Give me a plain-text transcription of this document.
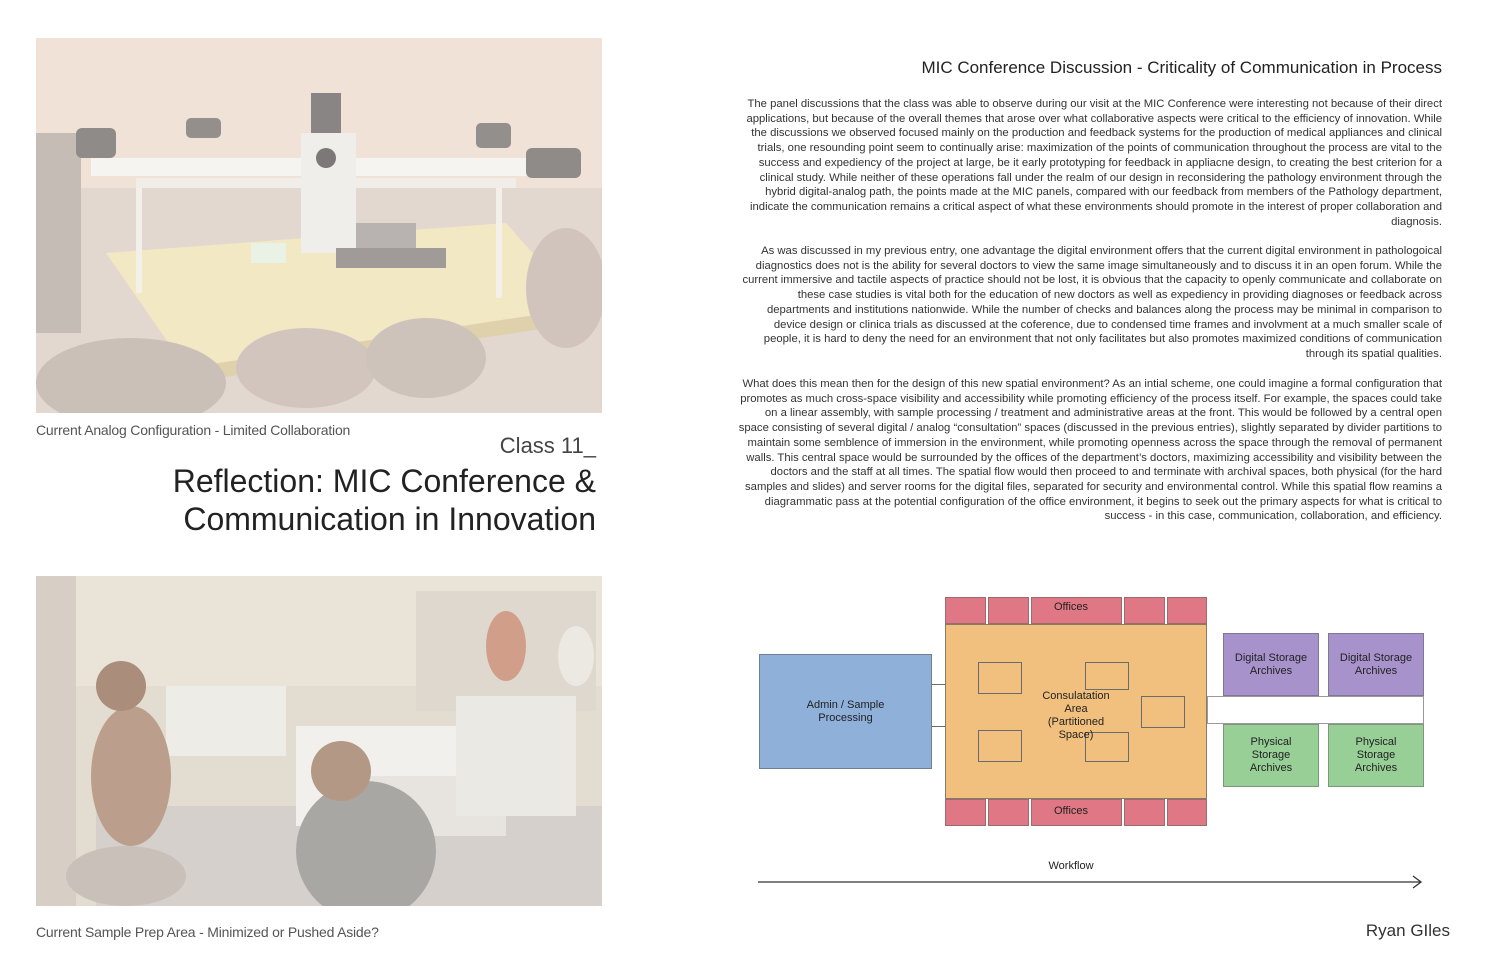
Current Analog Configuration - Limited Collaboration
Class 11_
Reflection: MIC Conference &
Communication in Innovation
Current Sample Prep Area - Minimized or Pushed Aside?
MIC Conference Discussion - Criticality of Communication in Process
The panel discussions that the class was able to observe during our visit at the MIC Conference were interesting not because of their direct applications, but because of the overall themes that arose over what collaborative aspects were critical to the efficiency of innovation. While the discussions we observed focused mainly on the production and feedback systems for the production of medical appliances and clinical trials, one resounding point seem to continually arise: maximization of the points of communication throughout the process are vital to the success and expediency of the project at large, be it early prototyping for feedback in appliacne design, to creating the best criterion for a clinical study. While neither of these operations fall under the realm of our design in reconsidering the pathology environment through the hybrid digital-analog path, the points made at the MIC panels, compared with our feedback from members of the Pathology department, indicate the communication remains a critical aspect of what these environments should promote in the interest of proper collaboration and diagnosis.
As was discussed in my previous entry, one advantage the digital environment offers that the current digital environment in pathologoical diagnostics does not is the ability for several doctors to view the same image simultaneously and to discuss it in an open forum. While the current immersive and tactile aspects of practice should not be lost, it is obvious that the capacity to openly communicate and collaborate on these case studies is vital both for the education of new doctors as well as expediency in providing diagnoses or feedback across departments and institutions nationwide. While the number of checks and balances along the process may be minimal in comparison to device design or clinica trials as discussed at the coference, due to condensed time frames and involvment at a much smaller scale of people, it is hard to deny the need for an environment that not only facilitates but also promotes maximized conditions of communication through its spatial qualities.
What does this mean then for the design of this new spatial environment? As an intial scheme, one could imagine a formal configuration that promotes as much cross-space visibility and accessibility while promoting efficiency of the process itself. For example, the spaces could take on a linear assembly, with sample processing / treatment and administrative areas at the front. This would be followed by a central open space consisting of several digital / analog “consultation” spaces (discussed in the previous entries), slightly separated by divider partitions to maintain some semblence of immersion in the environment, while promoting openness across the space through the removal of permanent walls. This central space would be surrounded by the offices of the department’s doctors, maximizing accessibility and visibility between the doctors and the staff at all times. The spatial flow would then proceed to and terminate with archival spaces, both physical (for the hard samples and slides) and server rooms for the digital files, separated for security and environmental control. While this spatial flow reamins a diagrammatic pass at the potential configuration of the office environment, it begins to seek out the primary aspects for what is critical to success - in this case, communication, collaboration, and efficiency.
Offices
Consulatation Area (Partitioned Space)
Offices
Admin / Sample Processing
Digital Storage Archives
Digital Storage Archives
Physical Storage Archives
Physical Storage Archives
Workflow
Ryan GIles
